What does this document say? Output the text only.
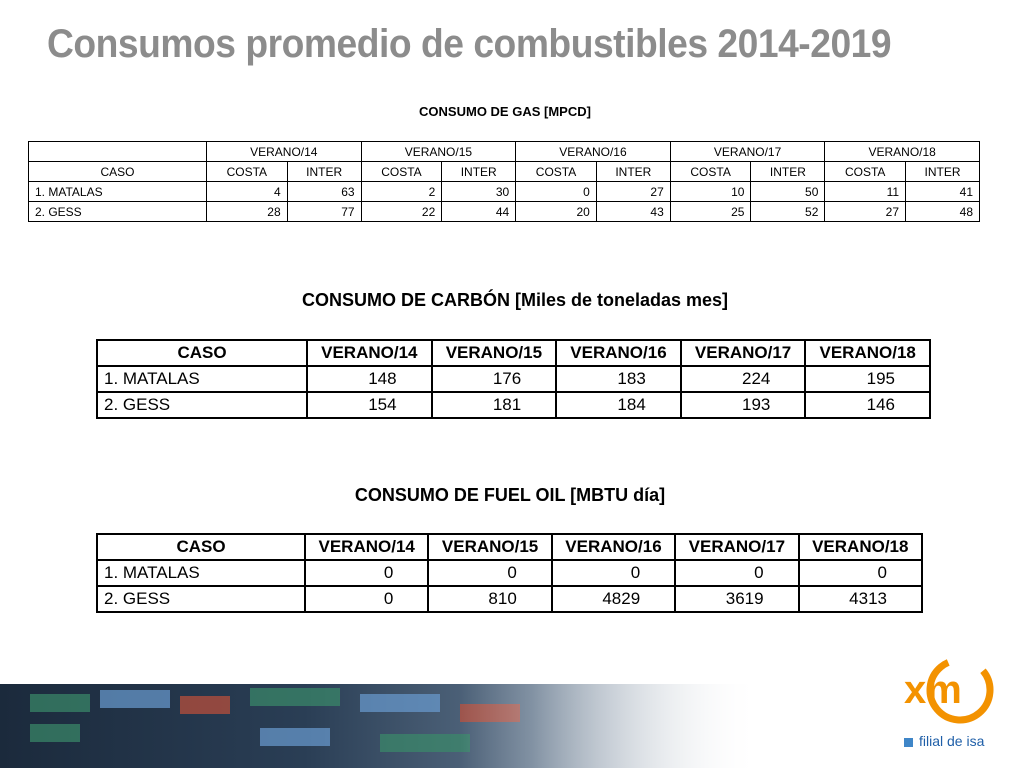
Consumos promedio de combustibles 2014-2019
CONSUMO DE GAS [MPCD]
	VERANO/14		VERANO/15		VERANO/16		VERANO/17		VERANO/18	
CASO	COSTA	INTER	COSTA	INTER	COSTA	INTER	COSTA	INTER	COSTA	INTER
1. MATALAS	4	63	2	30	0	27	10	50	11	41
2. GESS	28	77	22	44	20	43	25	52	27	48
CONSUMO DE CARBÓN [Miles de toneladas mes]
CASO	VERANO/14	VERANO/15	VERANO/16	VERANO/17	VERANO/18
1. MATALAS	148	176	183	224	195
2. GESS	154	181	184	193	146
CONSUMO DE FUEL OIL [MBTU día]
CASO	VERANO/14	VERANO/15	VERANO/16	VERANO/17	VERANO/18
1. MATALAS	0	0	0	0	0
2. GESS	0	810	4829	3619	4313
xm
filial de isa
